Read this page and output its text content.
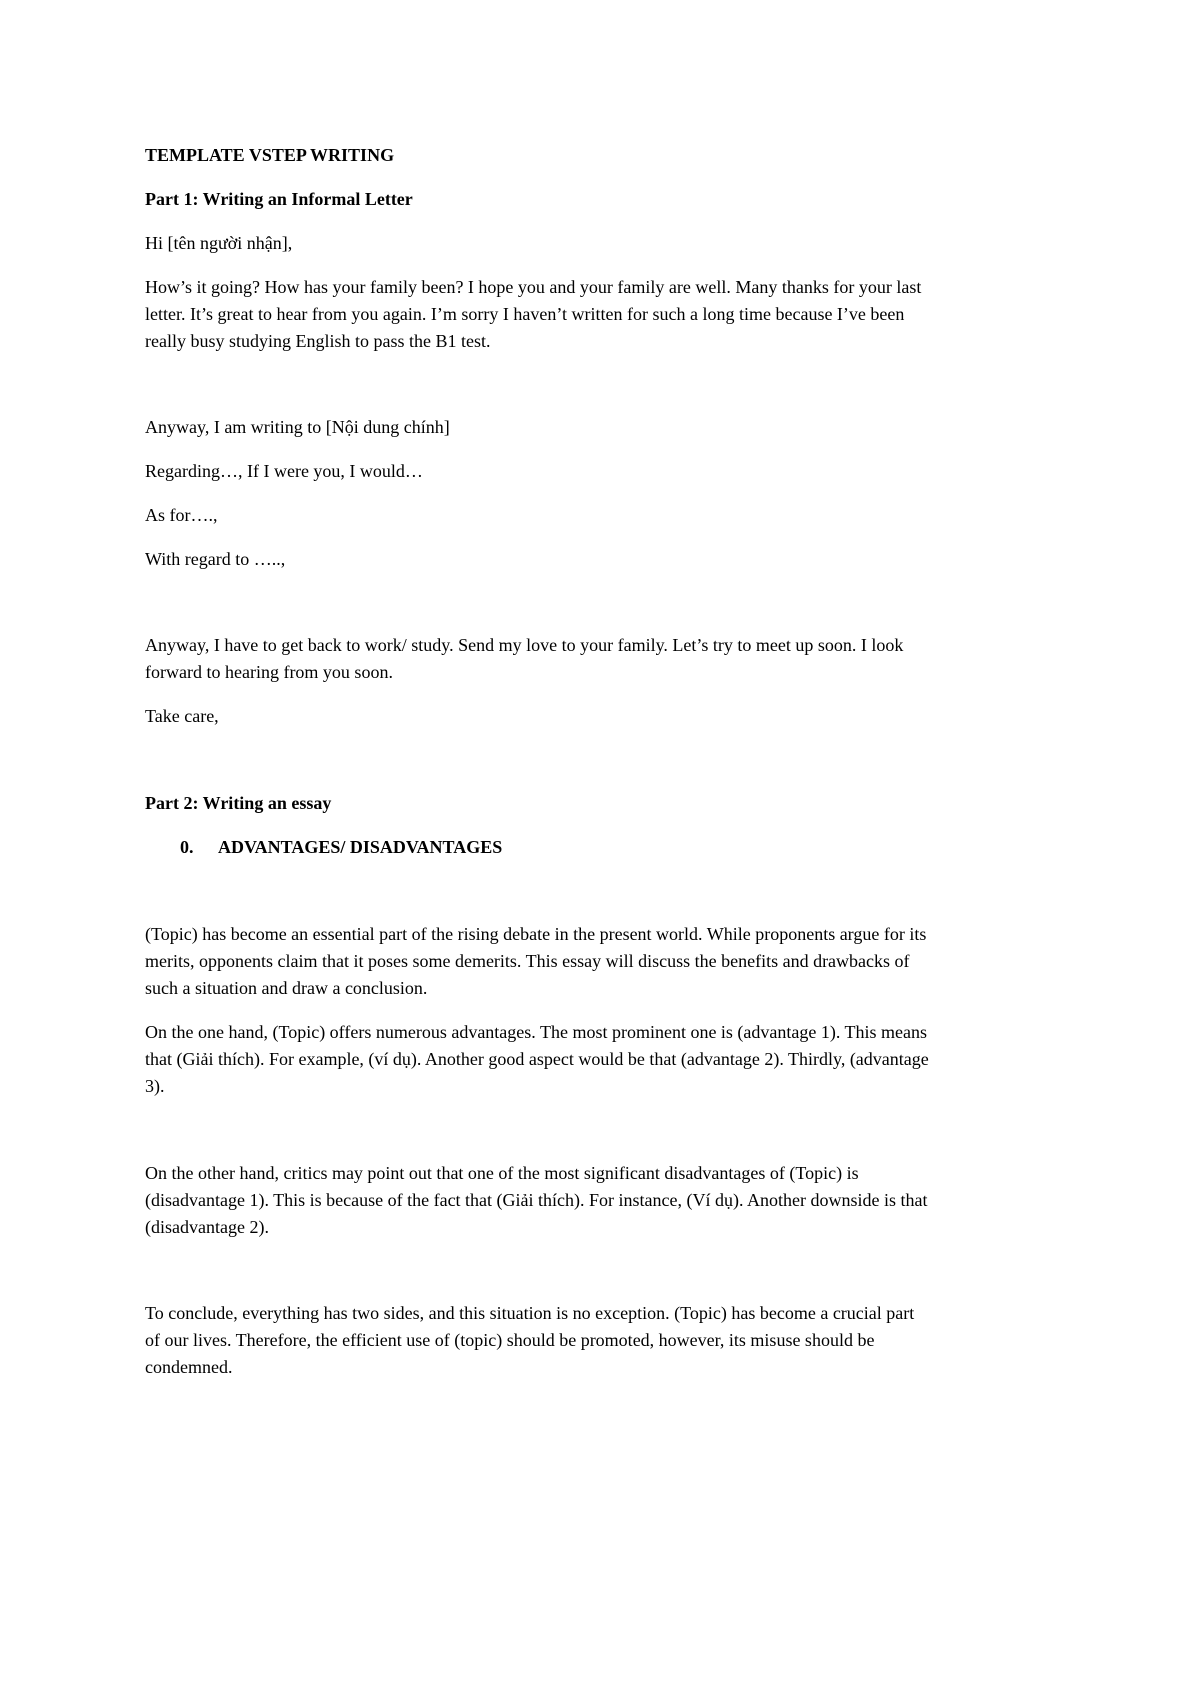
TEMPLATE VSTEP WRITING
Part 1: Writing an Informal Letter
Hi [tên người nhận],
How’s it going? How has your family been? I hope you and your family are well. Many thanks for your last
letter. It’s great to hear from you again. I’m sorry I haven’t written for such a long time because I’ve been
really busy studying English to pass the B1 test.
Anyway, I am writing to [Nội dung chính]
Regarding…, If I were you, I would…
As for….,
With regard to …..,
Anyway, I have to get back to work/ study. Send my love to your family. Let’s try to meet up soon. I look
forward to hearing from you soon.
Take care,
Part 2: Writing an essay
0. ADVANTAGES/ DISADVANTAGES
(Topic) has become an essential part of the rising debate in the present world. While proponents argue for its
merits, opponents claim that it poses some demerits. This essay will discuss the benefits and drawbacks of
such a situation and draw a conclusion.
On the one hand, (Topic) offers numerous advantages. The most prominent one is (advantage 1). This means
that (Giải thích). For example, (ví dụ). Another good aspect would be that (advantage 2). Thirdly, (advantage
3).
On the other hand, critics may point out that one of the most significant disadvantages of (Topic) is
(disadvantage 1). This is because of the fact that (Giải thích). For instance, (Ví dụ). Another downside is that
(disadvantage 2).
To conclude, everything has two sides, and this situation is no exception. (Topic) has become a crucial part
of our lives. Therefore, the efficient use of (topic) should be promoted, however, its misuse should be
condemned.
